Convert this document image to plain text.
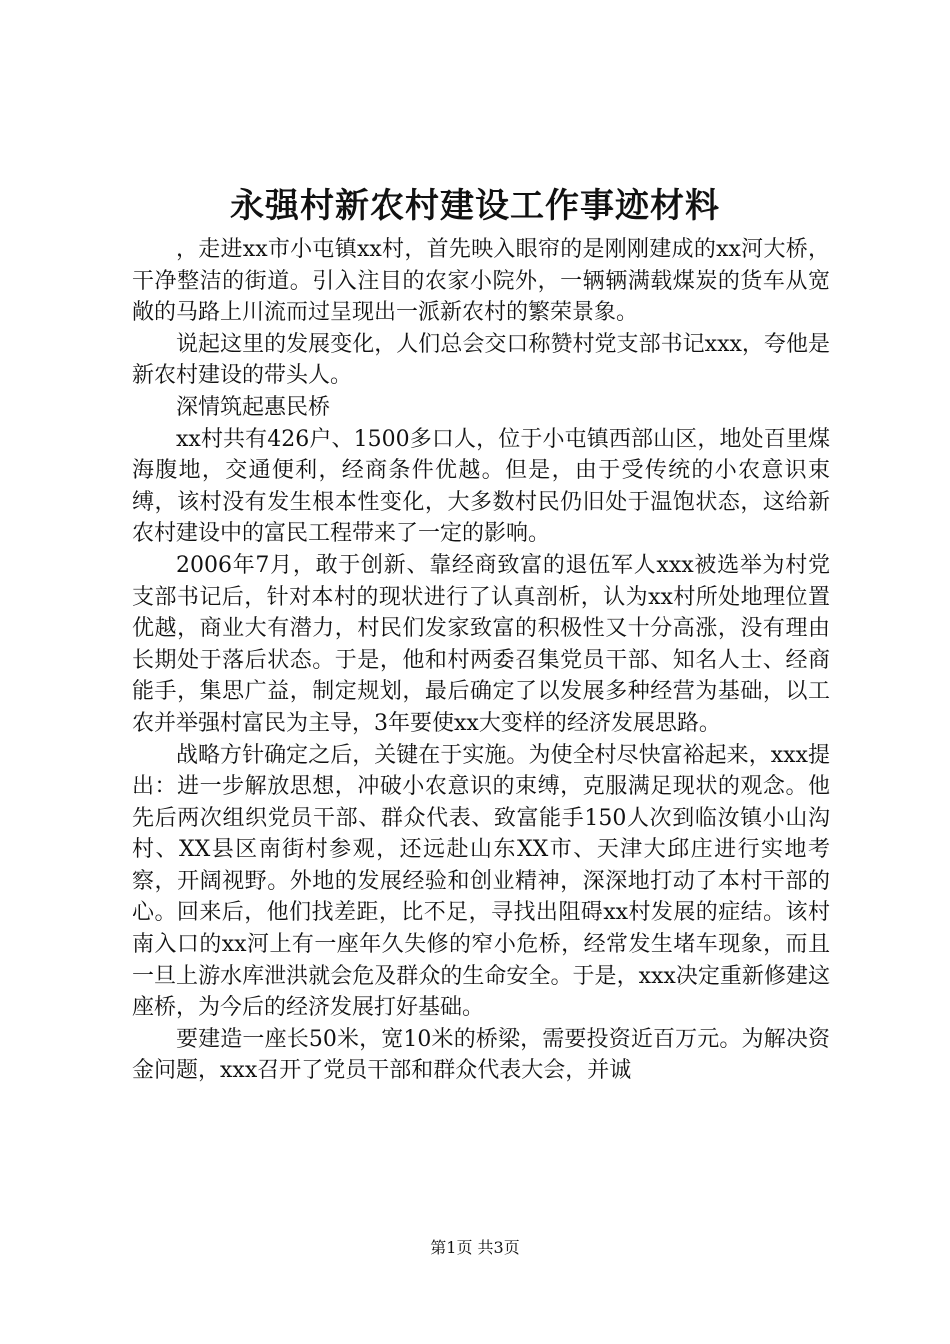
永强村新农村建设工作事迹材料

，走进xx市小屯镇xx村，首先映入眼帘的是刚刚建成的xx河大桥，干净整洁的街道。引入注目的农家小院外，一辆辆满载煤炭的货车从宽敞的马路上川流而过呈现出一派新农村的繁荣景象。

说起这里的发展变化，人们总会交口称赞村党支部书记xxx，夸他是新农村建设的带头人。

深情筑起惠民桥

xx村共有426户、1500多口人，位于小屯镇西部山区，地处百里煤海腹地，交通便利，经商条件优越。但是，由于受传统的小农意识束缚，该村没有发生根本性变化，大多数村民仍旧处于温饱状态，这给新农村建设中的富民工程带来了一定的影响。

2006年7月，敢于创新、靠经商致富的退伍军人xxx被选举为村党支部书记后，针对本村的现状进行了认真剖析，认为xx村所处地理位置优越，商业大有潜力，村民们发家致富的积极性又十分高涨，没有理由长期处于落后状态。于是，他和村两委召集党员干部、知名人士、经商能手，集思广益，制定规划，最后确定了以发展多种经营为基础，以工农并举强村富民为主导，3年要使xx大变样的经济发展思路。

战略方针确定之后，关键在于实施。为使全村尽快富裕起来，xxx提出：进一步解放思想，冲破小农意识的束缚，克服满足现状的观念。他先后两次组织党员干部、群众代表、致富能手150人次到临汝镇小山沟村、XX县区南街村参观，还远赴山东XX市、天津大邱庄进行实地考察，开阔视野。外地的发展经验和创业精神，深深地打动了本村干部的心。回来后，他们找差距，比不足，寻找出阻碍xx村发展的症结。该村南入口的xx河上有一座年久失修的窄小危桥，经常发生堵车现象，而且一旦上游水库泄洪就会危及群众的生命安全。于是，xxx决定重新修建这座桥，为今后的经济发展打好基础。

要建造一座长50米，宽10米的桥梁，需要投资近百万元。为解决资金问题，xxx召开了党员干部和群众代表大会，并诚

第1页 共3页
